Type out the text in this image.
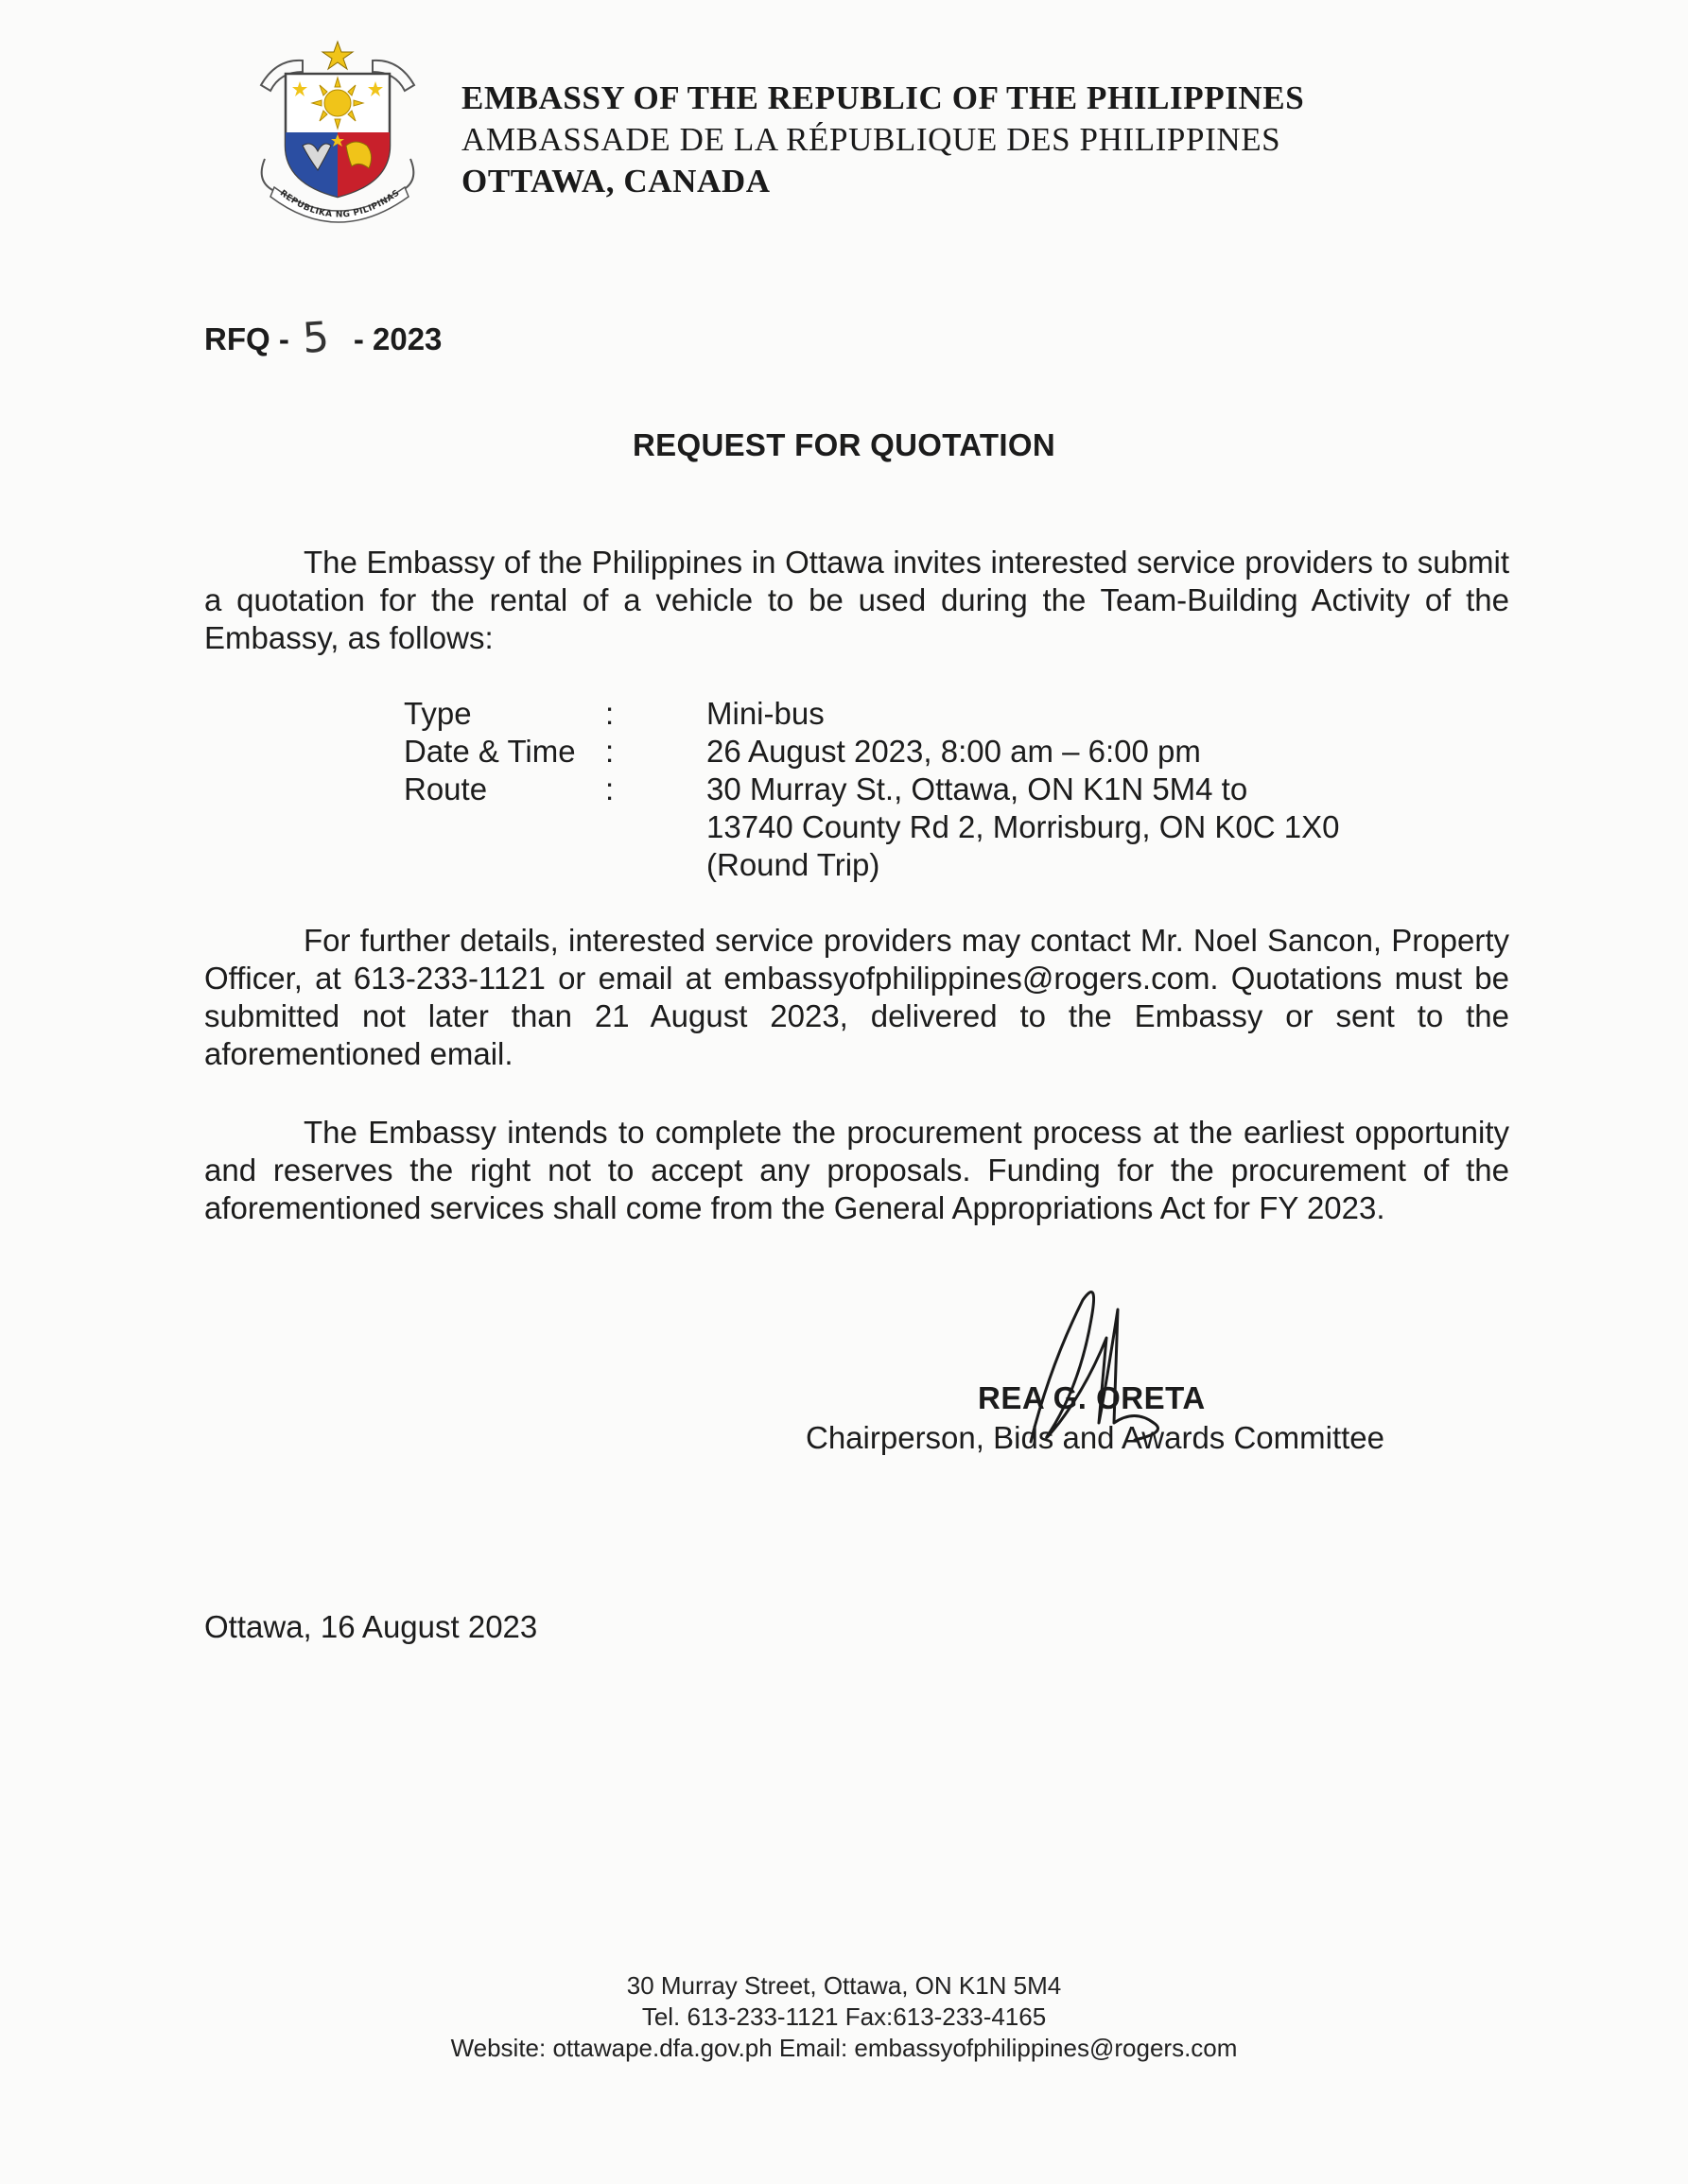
REPUBLIKA NG PILIPINAS
EMBASSY OF THE REPUBLIC OF THE PHILIPPINES
AMBASSADE DE LA RÉPUBLIQUE DES PHILIPPINES
OTTAWA, CANADA
RFQ - 5 - 2023
REQUEST FOR QUOTATION
The Embassy of the Philippines in Ottawa invites interested service providers to submit a quotation for the rental of a vehicle to be used during the Team-Building Activity of the Embassy, as follows:
Type	:	Mini-bus
Date & Time :	26 August 2023, 8:00 am – 6:00 pm
Route	:	30 Murray St., Ottawa, ON K1N 5M4 to
13740 County Rd 2, Morrisburg, ON K0C 1X0
(Round Trip)
For further details, interested service providers may contact Mr. Noel Sancon, Property Officer, at 613-233-1121 or email at embassyofphilippines@rogers.com. Quotations must be submitted not later than 21 August 2023, delivered to the Embassy or sent to the aforementioned email.
The Embassy intends to complete the procurement process at the earliest opportunity and reserves the right not to accept any proposals. Funding for the procurement of the aforementioned services shall come from the General Appropriations Act for FY 2023.
REA G. ORETA
Chairperson, Bids and Awards Committee
Ottawa, 16 August 2023
30 Murray Street, Ottawa, ON K1N 5M4
Tel. 613-233-1121 Fax:613-233-4165
Website: ottawape.dfa.gov.ph Email: embassyofphilippines@rogers.com
